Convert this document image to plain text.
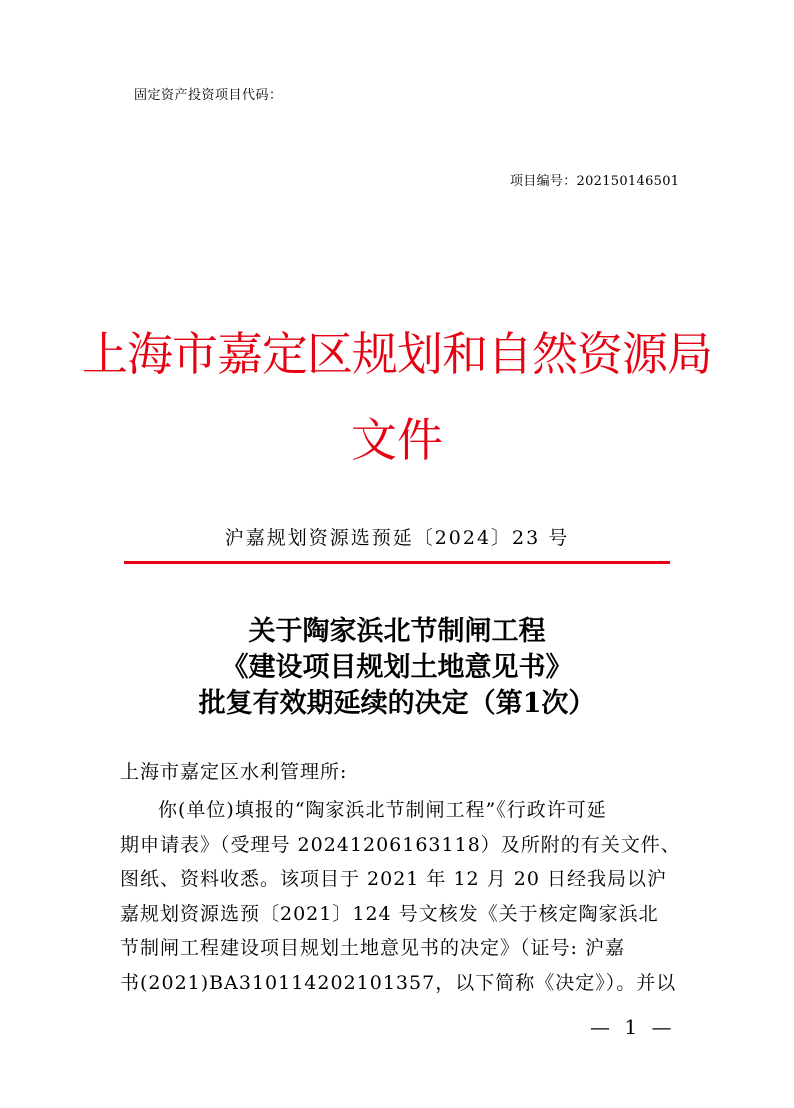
固定资产投资项目代码：
项目编号：202150146501
上海市嘉定区规划和自然资源局
文件
沪嘉规划资源选预延〔2024〕23 号
关于陶家浜北节制闸工程
《建设项目规划土地意见书》
批复有效期延续的决定（第1次）
上海市嘉定区水利管理所:
你(单位)填报的“陶家浜北节制闸工程”《行政许可延
期申请表》（受理号 20241206163118）及所附的有关文件、
图纸、资料收悉。该项目于 2021 年 12 月 20 日经我局以沪
嘉规划资源选预〔2021〕124 号文核发《关于核定陶家浜北
节制闸工程建设项目规划土地意见书的决定》（证号: 沪嘉
书(2021)BA310114202101357，以下简称《决定》）。并以
— 1 —
